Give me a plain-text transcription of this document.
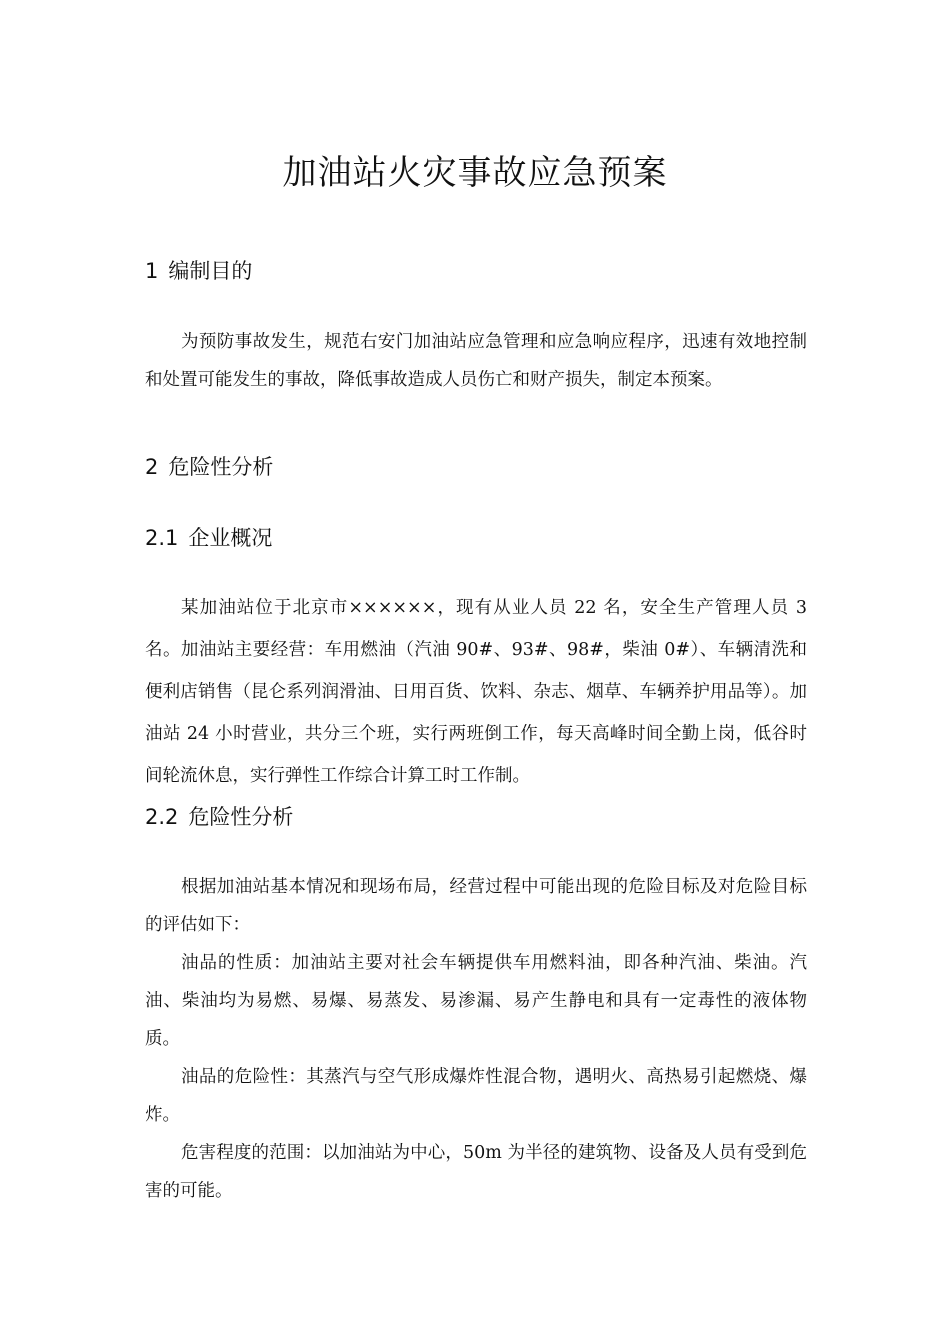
加油站火灾事故应急预案
1 编制目的

为预防事故发生，规范右安门加油站应急管理和应急响应程序，迅速有效地控制和处置可能发生的事故，降低事故造成人员伤亡和财产损失，制定本预案。

2 危险性分析
2.1 企业概况

某加油站位于北京市××××××，现有从业人员 22 名，安全生产管理人员 3 名。加油站主要经营：车用燃油（汽油 90#、93#、98#，柴油 0#）、车辆清洗和便利店销售（昆仑系列润滑油、日用百货、饮料、杂志、烟草、车辆养护用品等）。加油站 24 小时营业，共分三个班，实行两班倒工作，每天高峰时间全勤上岗，低谷时间轮流休息，实行弹性工作综合计算工时工作制。

2.2 危险性分析

根据加油站基本情况和现场布局，经营过程中可能出现的危险目标及对危险目标的评估如下：

油品的性质：加油站主要对社会车辆提供车用燃料油，即各种汽油、柴油。汽油、柴油均为易燃、易爆、易蒸发、易渗漏、易产生静电和具有一定毒性的液体物质。

油品的危险性：其蒸汽与空气形成爆炸性混合物，遇明火、高热易引起燃烧、爆炸。

危害程度的范围：以加油站为中心，50m 为半径的建筑物、设备及人员有受到危害的可能。
